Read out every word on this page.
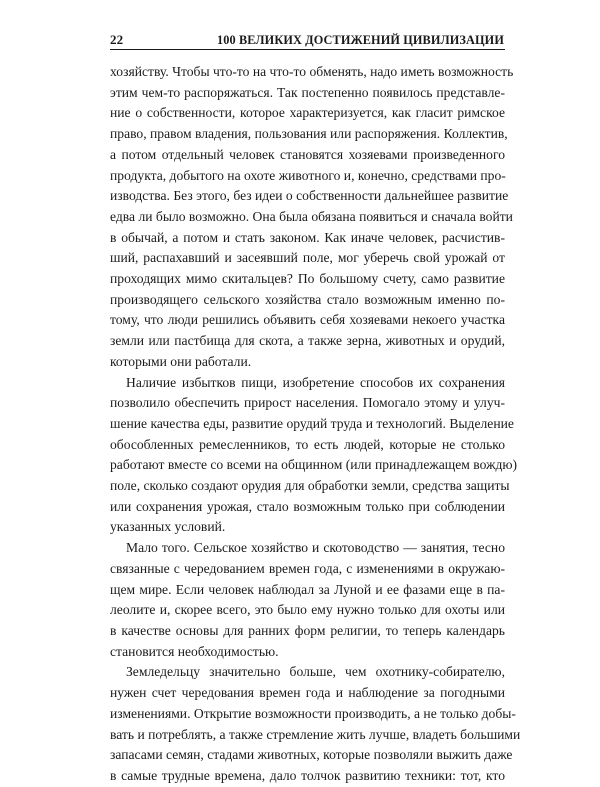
22	100 ВЕЛИКИХ ДОСТИЖЕНИЙ ЦИВИЛИЗАЦИИ

хозяйству. Чтобы что-то на что-то обменять, надо иметь возможность
этим чем-то распоряжаться. Так постепенно появилось представле-
ние о собственности, которое характеризуется, как гласит римское
право, правом владения, пользования или распоряжения. Коллектив,
а потом отдельный человек становятся хозяевами произведенного
продукта, добытого на охоте животного и, конечно, средствами про-
изводства. Без этого, без идеи о собственности дальнейшее развитие
едва ли было возможно. Она была обязана появиться и сначала войти
в обычай, а потом и стать законом. Как иначе человек, расчистив-
ший, распахавший и засеявший поле, мог уберечь свой урожай от
проходящих мимо скитальцев? По большому счету, само развитие
производящего сельского хозяйства стало возможным именно по-
тому, что люди решились объявить себя хозяевами некоего участка
земли или пастбища для скота, а также зерна, животных и орудий,
которыми они работали.

Наличие избытков пищи, изобретение способов их сохранения
позволило обеспечить прирост населения. Помогало этому и улуч-
шение качества еды, развитие орудий труда и технологий. Выделение
обособленных ремесленников, то есть людей, которые не столько
работают вместе со всеми на общинном (или принадлежащем вождю)
поле, сколько создают орудия для обработки земли, средства защиты
или сохранения урожая, стало возможным только при соблюдении
указанных условий.

Мало того. Сельское хозяйство и скотоводство — занятия, тесно
связанные с чередованием времен года, с изменениями в окружаю-
щем мире. Если человек наблюдал за Луной и ее фазами еще в па-
леолите и, скорее всего, это было ему нужно только для охоты или
в качестве основы для ранних форм религии, то теперь календарь
становится необходимостью.

Земледельцу значительно больше, чем охотнику-собирателю,
нужен счет чередования времен года и наблюдение за погодными
изменениями. Открытие возможности производить, а не только добы-
вать и потреблять, а также стремление жить лучше, владеть большими
запасами семян, стадами животных, которые позволяли выжить даже
в самые трудные времена, дало толчок развитию техники: тот, кто
